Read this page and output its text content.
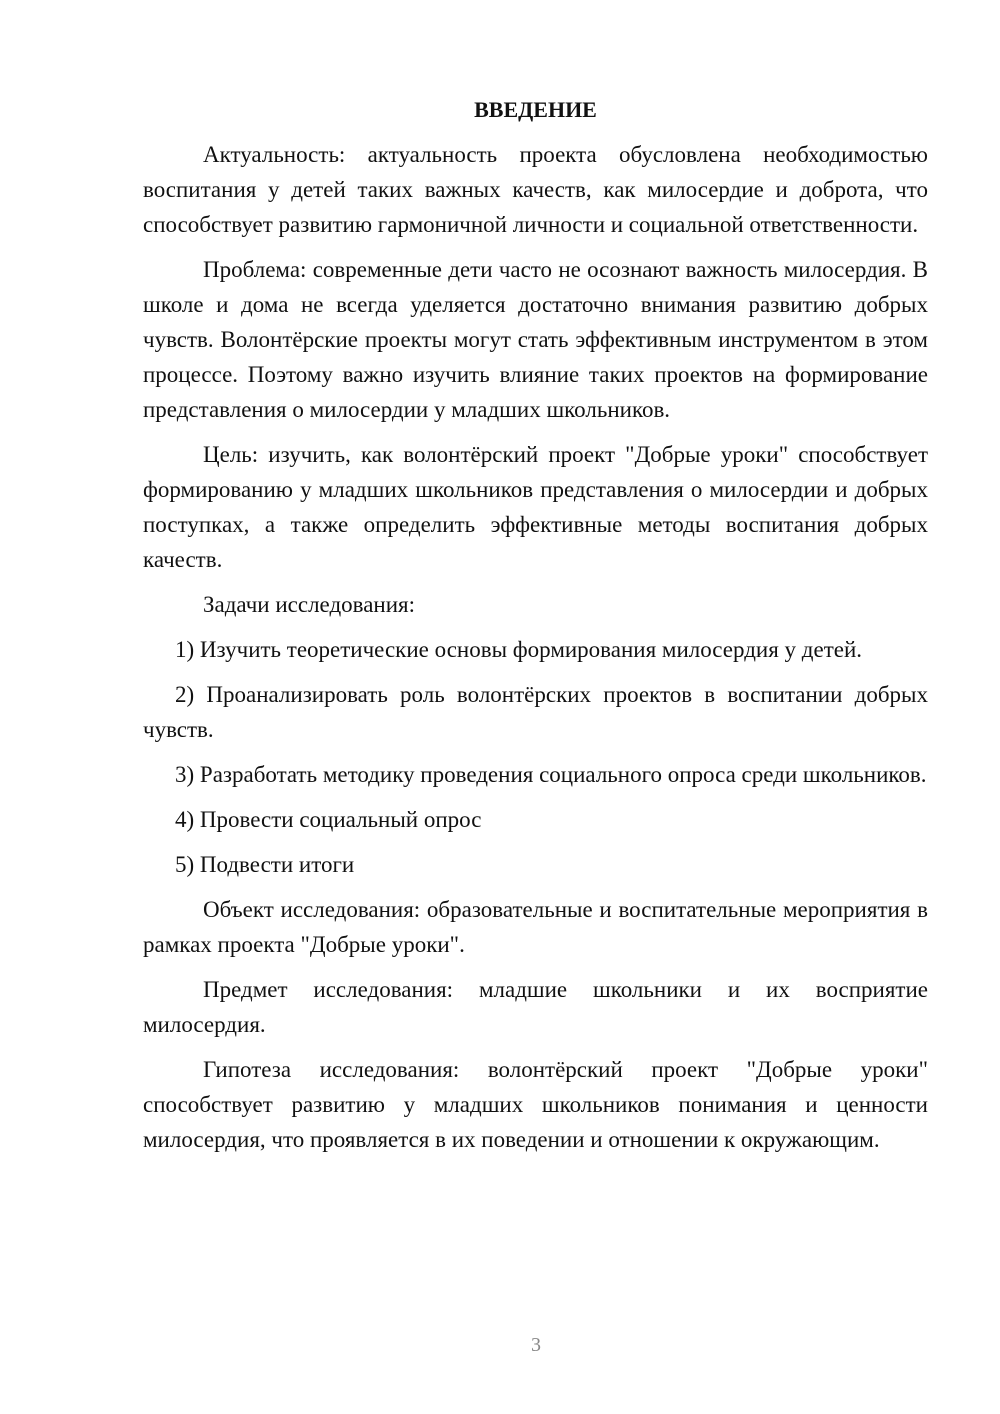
ВВЕДЕНИЕ

Актуальность: актуальность проекта обусловлена необходимостью воспитания у детей таких важных качеств, как милосердие и доброта, что способствует развитию гармоничной личности и социальной ответственности.

Проблема: современные дети часто не осознают важность милосердия. В школе и дома не всегда уделяется достаточно внимания развитию добрых чувств. Волонтёрские проекты могут стать эффективным инструментом в этом процессе. Поэтому важно изучить влияние таких проектов на формирование представления о милосердии у младших школьников.

Цель: изучить, как волонтёрский проект "Добрые уроки" способствует формированию у младших школьников представления о милосердии и добрых поступках, а также определить эффективные методы воспитания добрых качеств.

Задачи исследования:

1) Изучить теоретические основы формирования милосердия у детей.

2) Проанализировать роль волонтёрских проектов в воспитании добрых чувств.

3) Разработать методику проведения социального опроса среди школьников.

4) Провести социальный опрос

5) Подвести итоги

Объект исследования: образовательные и воспитательные мероприятия в рамках проекта "Добрые уроки".

Предмет исследования: младшие школьники и их восприятие милосердия.

Гипотеза исследования: волонтёрский проект "Добрые уроки" способствует развитию у младших школьников понимания и ценности милосердия, что проявляется в их поведении и отношении к окружающим.

3
